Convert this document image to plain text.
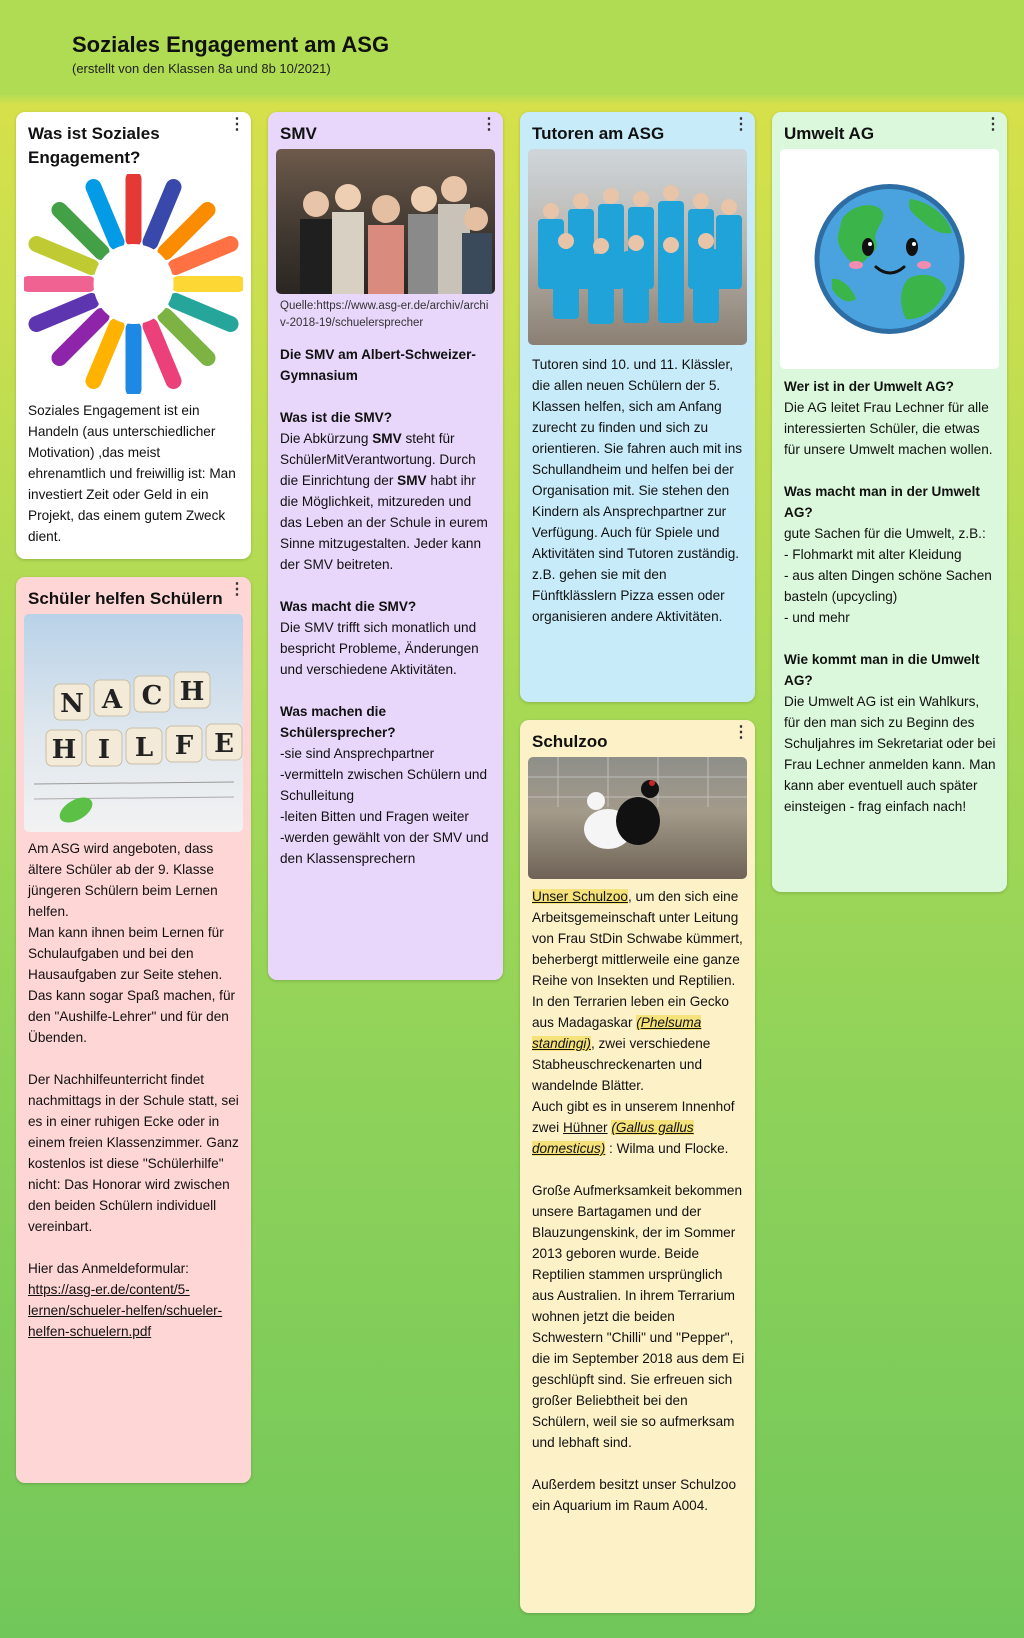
Soziales Engagement am ASG
(erstellt von den Klassen 8a und 8b 10/2021)
Was ist Soziales Engagement?
⋮
Soziales Engagement ist ein Handeln (aus unterschiedlicher Motivation) ,das meist ehrenamtlich und freiwillig ist: Man investiert Zeit oder Geld in ein Projekt, das einem gutem Zweck dient.
Schüler helfen Schülern ⋮
N A C H
H I L F E

Am ASG wird angeboten, dass ältere Schüler ab der 9. Klasse jüngeren Schülern beim Lernen helfen.

Man kann ihnen beim Lernen für Schulaufgaben und bei den Hausaufgaben zur Seite stehen. Das kann sogar Spaß machen, für den "Aushilfe-Lehrer" und für den Übenden.

Der Nachhilfeunterricht findet nachmittags in der Schule statt, sei es in einer ruhigen Ecke oder in einem freien Klassenzimmer. Ganz kostenlos ist diese "Schülerhilfe" nicht: Das Honorar wird zwischen den beiden Schülern individuell vereinbart.

Hier das Anmeldeformular:

https://asg-er.de/content/5-lernen/schueler-helfen/schueler-helfen-schuelern.pdf

SMV	⋮
Quelle:https://www.asg-er.de/archiv/archiv-2018-19/schuelersprecher

Die SMV am Albert-Schweizer-Gymnasium

Was ist die SMV?

Die Abkürzung SMV steht für SchülerMitVerantwortung. Durch die Einrichtung der SMV habt ihr die Möglichkeit, mitzureden und das Leben an der Schule in eurem Sinne mitzugestalten. Jeder kann der SMV beitreten.

Was macht die SMV?

Die SMV trifft sich monatlich und bespricht Probleme, Änderungen und verschiedene Aktivitäten.

Was machen die Schülersprecher?

-sie sind Ansprechpartner

-vermitteln zwischen Schülern und Schulleitung

-leiten Bitten und Fragen weiter

-werden gewählt von der SMV und den Klassensprechern

Tutoren am ASG	⋮
Tutoren sind 10. und 11. Klässler, die allen neuen Schülern der 5. Klassen helfen, sich am Anfang zurecht zu finden und sich zu orientieren. Sie fahren auch mit ins Schullandheim und helfen bei der Organisation mit. Sie stehen den Kindern als Ansprechpartner zur Verfügung. Auch für Spiele und Aktivitäten sind Tutoren zuständig. z.B. gehen sie mit den Fünftklässlern Pizza essen oder organisieren andere Aktivitäten.
Schulzoo	⋮

Unser Schulzoo, um den sich eine Arbeitsgemeinschaft unter Leitung von Frau StDin Schwabe kümmert, beherbergt mittlerweile eine ganze Reihe von Insekten und Reptilien. In den Terrarien leben ein Gecko aus Madagaskar (Phelsuma standingi), zwei verschiedene Stabheuschreckenarten und wandelnde Blätter.

Auch gibt es in unserem Innenhof zwei Hühner (Gallus gallus domesticus) : Wilma und Flocke.

Große Aufmerksamkeit bekommen unsere Bartagamen und der Blauzungenskink, der im Sommer 2013 geboren wurde. Beide Reptilien stammen ursprünglich aus Australien. In ihrem Terrarium wohnen jetzt die beiden Schwestern "Chilli" und "Pepper", die im September 2018 aus dem Ei geschlüpft sind. Sie erfreuen sich großer Beliebtheit bei den Schülern, weil sie so aufmerksam und lebhaft sind.

Außerdem besitzt unser Schulzoo ein Aquarium im Raum A004.

Umwelt AG	⋮

Wer ist in der Umwelt AG?

Die AG leitet Frau Lechner für alle interessierten Schüler, die etwas für unsere Umwelt machen wollen.

Was macht man in der Umwelt AG?

gute Sachen für die Umwelt, z.B.:

- Flohmarkt mit alter Kleidung

- aus alten Dingen schöne Sachen basteln (upcycling)

- und mehr

Wie kommt man in die Umwelt AG?

Die Umwelt AG ist ein Wahlkurs, für den man sich zu Beginn des Schuljahres im Sekretariat oder bei Frau Lechner anmelden kann. Man kann aber eventuell auch später einsteigen - frag einfach nach!
